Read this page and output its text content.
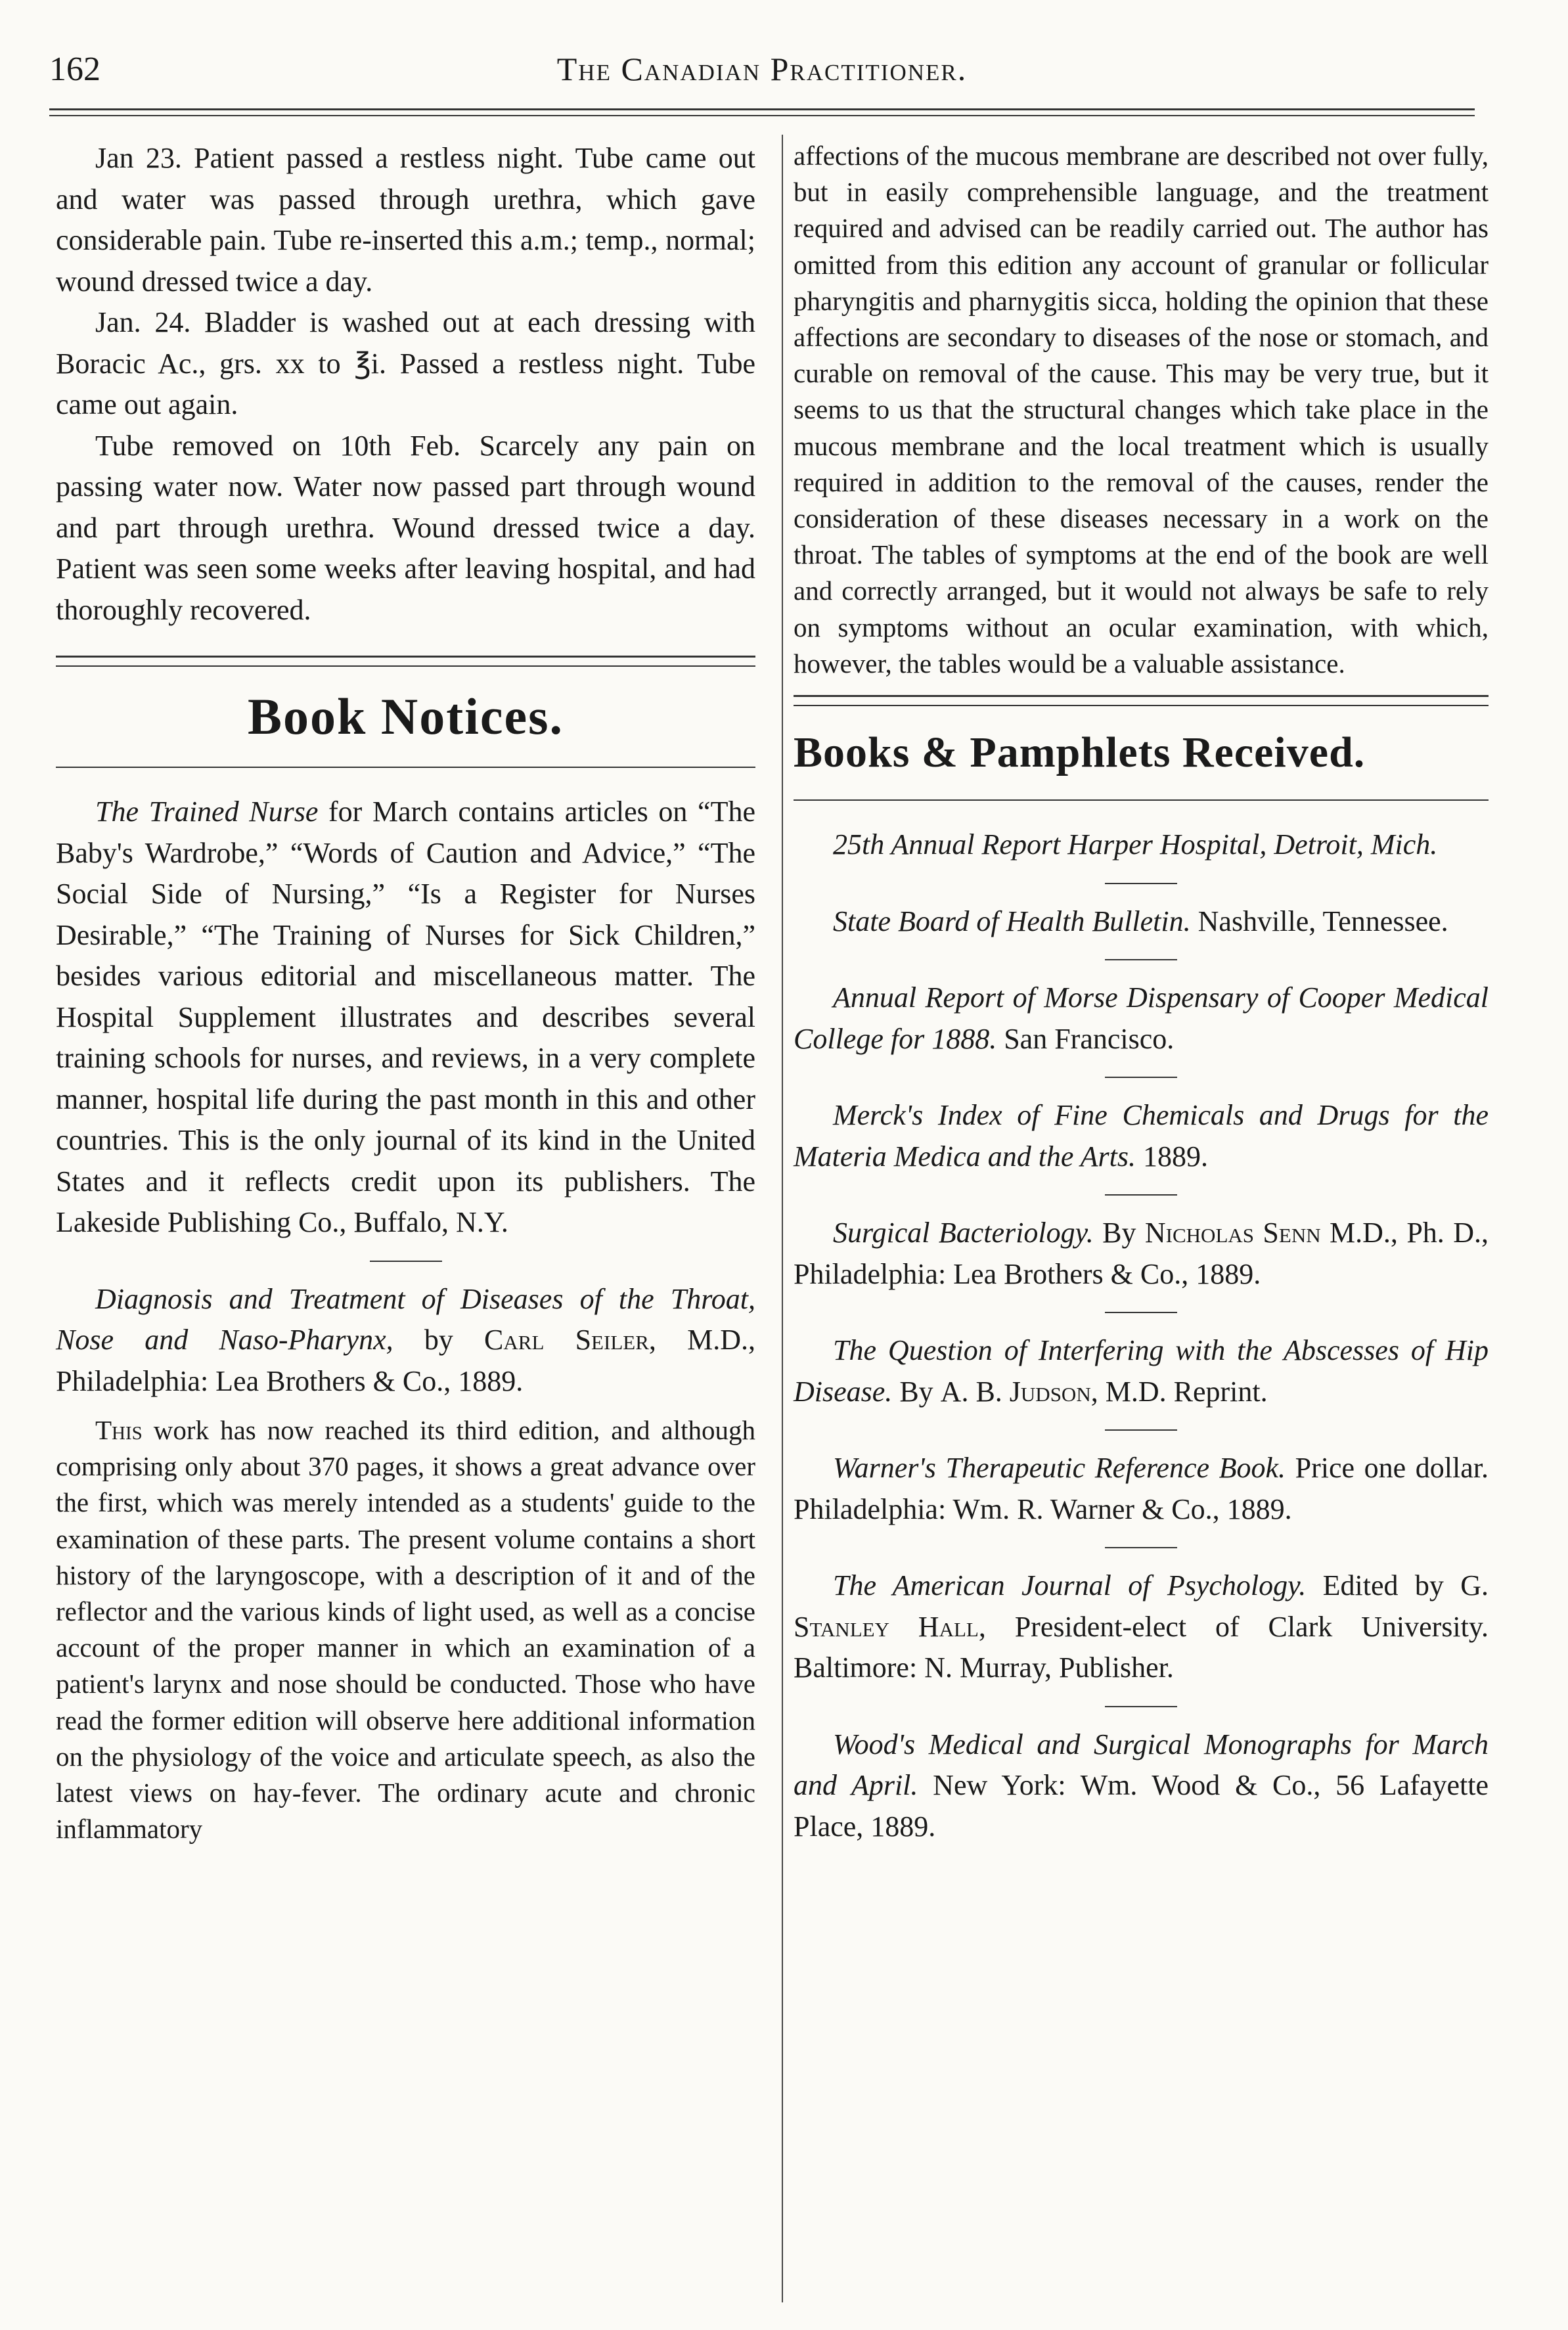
162	The Canadian Practitioner.

Jan 23. Patient passed a restless night. Tube came out and water was passed through urethra, which gave considerable pain. Tube re-inserted this a.m.; temp., normal; wound dressed twice a day.

Jan. 24. Bladder is washed out at each dressing with Boracic Ac., grs. xx to ℥i. Passed a restless night. Tube came out again.

Tube removed on 10th Feb. Scarcely any pain on passing water now. Water now passed part through wound and part through urethra. Wound dressed twice a day. Patient was seen some weeks after leaving hospital, and had thoroughly recovered.

Book Notices.

The Trained Nurse for March contains articles on “The Baby's Wardrobe,” “Words of Caution and Advice,” “The Social Side of Nursing,” “Is a Register for Nurses Desirable,” “The Training of Nurses for Sick Children,” besides various editorial and miscellaneous matter. The Hospital Supplement illustrates and describes several training schools for nurses, and reviews, in a very complete manner, hospital life during the past month in this and other countries. This is the only journal of its kind in the United States and it reflects credit upon its publishers. The Lakeside Publishing Co., Buffalo, N.Y.

Diagnosis and Treatment of Diseases of the Throat, Nose and Naso-Pharynx, by Carl Seiler, M.D., Philadelphia: Lea Brothers & Co., 1889.

This work has now reached its third edition, and although comprising only about 370 pages, it shows a great advance over the first, which was merely intended as a students' guide to the examination of these parts. The present volume contains a short history of the laryngoscope, with a description of it and of the reflector and the various kinds of light used, as well as a concise account of the proper manner in which an examination of a patient's larynx and nose should be conducted. Those who have read the former edition will observe here additional information on the physiology of the voice and articulate speech, as also the latest views on hay-fever. The ordinary acute and chronic inflammatory

affections of the mucous membrane are described not over fully, but in easily comprehensible language, and the treatment required and advised can be readily carried out. The author has omitted from this edition any account of granular or follicular pharyngitis and pharnygitis sicca, holding the opinion that these affections are secondary to diseases of the nose or stomach, and curable on removal of the cause. This may be very true, but it seems to us that the structural changes which take place in the mucous membrane and the local treatment which is usually required in addition to the removal of the causes, render the consideration of these diseases necessary in a work on the throat. The tables of symptoms at the end of the book are well and correctly arranged, but it would not always be safe to rely on symptoms without an ocular examination, with which, however, the tables would be a valuable assistance.

Books & Pamphlets Received.

25th Annual Report Harper Hospital, Detroit, Mich.

State Board of Health Bulletin. Nashville, Tennessee.

Annual Report of Morse Dispensary of Cooper Medical College for 1888. San Francisco.

Merck's Index of Fine Chemicals and Drugs for the Materia Medica and the Arts. 1889.

Surgical Bacteriology. By Nicholas Senn M.D., Ph. D., Philadelphia: Lea Brothers & Co., 1889.

The Question of Interfering with the Abscesses of Hip Disease. By A. B. Judson, M.D. Reprint.

Warner's Therapeutic Reference Book. Price one dollar. Philadelphia: Wm. R. Warner & Co., 1889.

The American Journal of Psychology. Edited by G. Stanley Hall, President-elect of Clark University. Baltimore: N. Murray, Publisher.

Wood's Medical and Surgical Monographs for March and April. New York: Wm. Wood & Co., 56 Lafayette Place, 1889.
